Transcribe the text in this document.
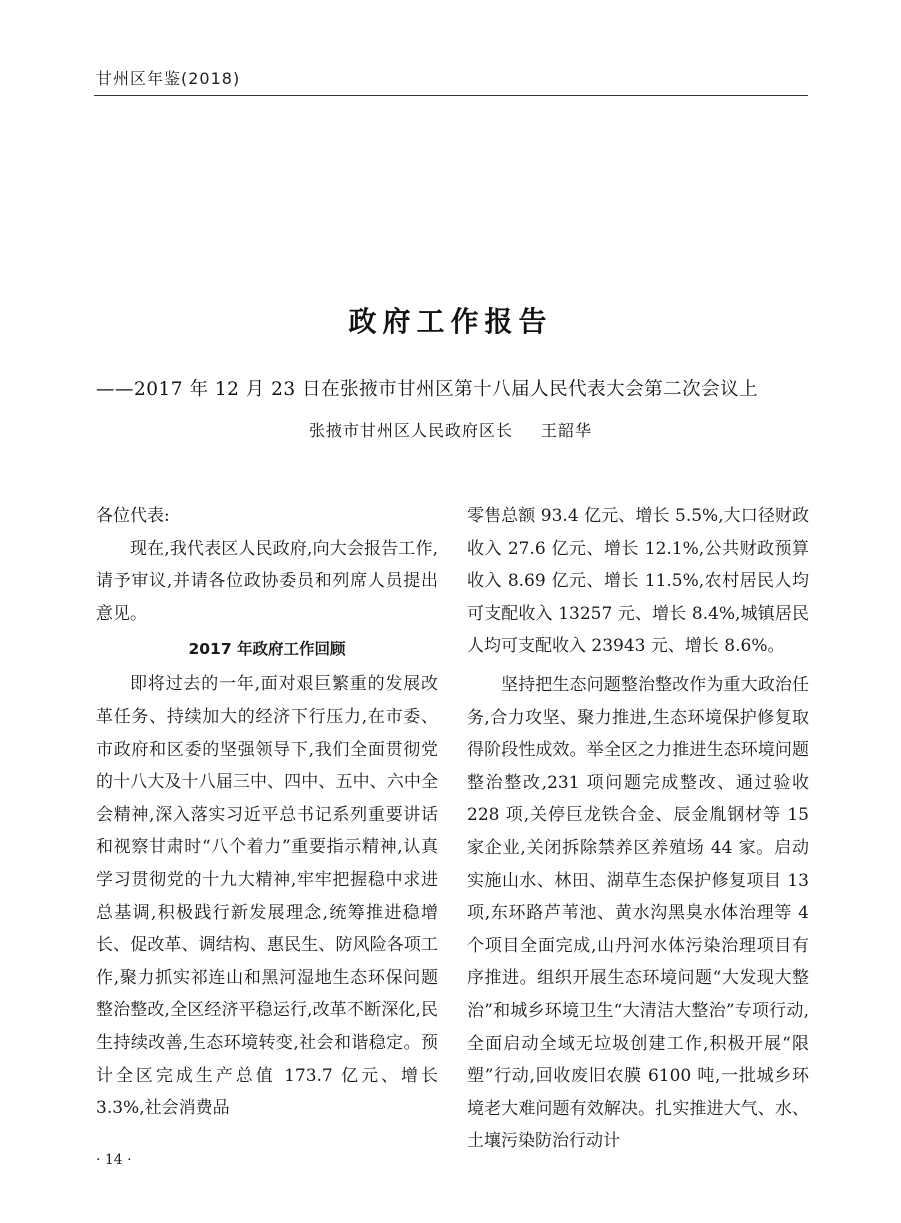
甘州区年鉴(2018)
政府工作报告
——2017 年 12 月 23 日在张掖市甘州区第十八届人民代表大会第二次会议上
张掖市甘州区人民政府区长 王韶华

各位代表:

现在,我代表区人民政府,向大会报告工作,请予审议,并请各位政协委员和列席人员提出意见。

2017 年政府工作回顾

即将过去的一年,面对艰巨繁重的发展改革任务、持续加大的经济下行压力,在市委、市政府和区委的坚强领导下,我们全面贯彻党的十八大及十八届三中、四中、五中、六中全会精神,深入落实习近平总书记系列重要讲话和视察甘肃时“八个着力”重要指示精神,认真学习贯彻党的十九大精神,牢牢把握稳中求进总基调,积极践行新发展理念,统筹推进稳增长、促改革、调结构、惠民生、防风险各项工作,聚力抓实祁连山和黑河湿地生态环保问题整治整改,全区经济平稳运行,改革不断深化,民生持续改善,生态环境转变,社会和谐稳定。预计全区完成生产总值 173.7 亿元、增长 3.3%,社会消费品

零售总额 93.4 亿元、增长 5.5%,大口径财政收入 27.6 亿元、增长 12.1%,公共财政预算收入 8.69 亿元、增长 11.5%,农村居民人均可支配收入 13257 元、增长 8.4%,城镇居民人均可支配收入 23943 元、增长 8.6%。

坚持把生态问题整治整改作为重大政治任务,合力攻坚、聚力推进,生态环境保护修复取得阶段性成效。举全区之力推进生态环境问题整治整改,231 项问题完成整改、通过验收 228 项,关停巨龙铁合金、辰金胤钢材等 15 家企业,关闭拆除禁养区养殖场 44 家。启动实施山水、林田、湖草生态保护修复项目 13 项,东环路芦苇池、黄水沟黑臭水体治理等 4 个项目全面完成,山丹河水体污染治理项目有序推进。组织开展生态环境问题“大发现大整治”和城乡环境卫生“大清洁大整治”专项行动,全面启动全域无垃圾创建工作,积极开展“限塑”行动,回收废旧农膜 6100 吨,一批城乡环境老大难问题有效解决。扎实推进大气、水、土壤污染防治行动计

· 14 ·
